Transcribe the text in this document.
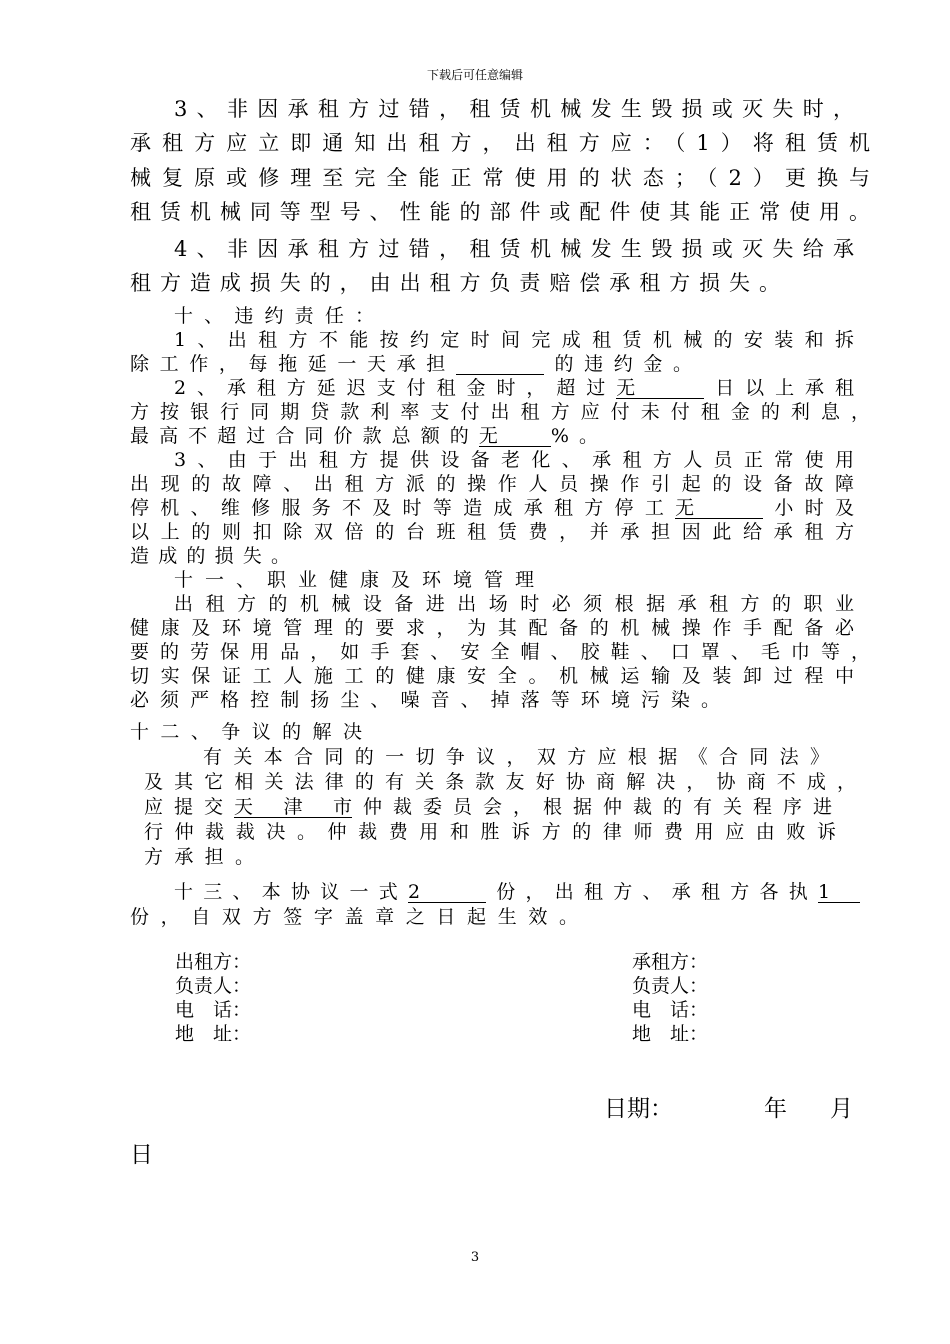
下载后可任意编辑
3、非因承租方过错，租赁机械发生毁损或灭失时，
承租方应立即通知出租方，出租方应：（1）将租赁机
械复原或修理至完全能正常使用的状态；（2）更换与
租赁机械同等型号、性能的部件或配件使其能正常使用。
4、非因承租方过错，租赁机械发生毁损或灭失给承
租方造成损失的，由出租方负责赔偿承租方损失。
十、违约责任：
1、出租方不能按约定时间完成租赁机械的安装和拆
除工作，每拖延一天承担	的违约金。
2、承租方延迟支付租金时，超过无	日以上承租
方按银行同期贷款利率支付出租方应付未付租金的利息，
最高不超过合同价款总额的无	%。
3、由于出租方提供设备老化、承租方人员正常使用
出现的故障、出租方派的操作人员操作引起的设备故障
停机、维修服务不及时等造成承租方停工无	小时及
以上的则扣除双倍的台班租赁费，并承担因此给承租方
造成的损失。
十一、职业健康及环境管理
出租方的机械设备进出场时必须根据承租方的职业
健康及环境管理的要求，为其配备的机械操作手配备必
要的劳保用品，如手套、安全帽、胶鞋、口罩、毛巾等，
切实保证工人施工的健康安全。机械运输及装卸过程中
必须严格控制扬尘、噪音、掉落等环境污染。
十二、争议的解决
有关本合同的一切争议，双方应根据《合同法》
及其它相关法律的有关条款友好协商解决，协商不成，
应提交天津市仲裁委员会，根据仲裁的有关程序进
行仲裁裁决。仲裁费用和胜诉方的律师费用应由败诉
方承担。
十三、本协议一式2	份，出租方、承租方各执1
份，自双方签字盖章之日起生效。
出租方：
负责人：
电　话：
地　址：
承租方：
负责人：
电　话：
地　址：
日期：	年 月
日
3
